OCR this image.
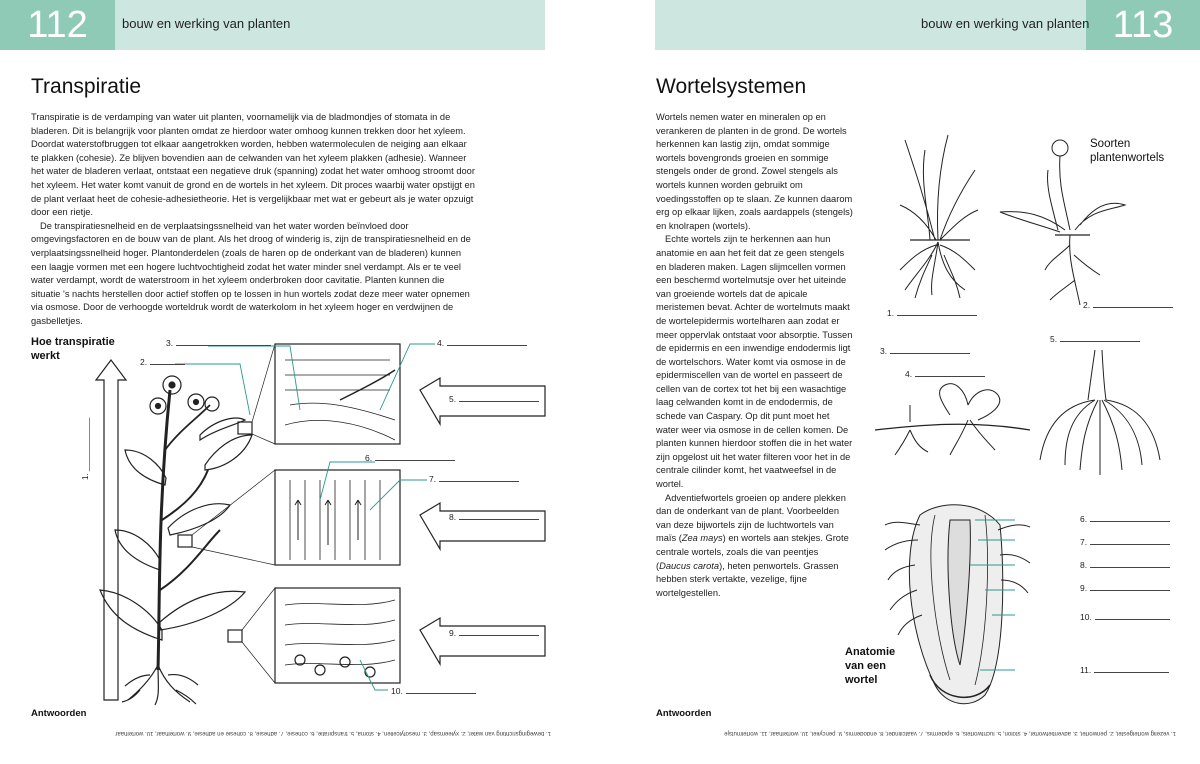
112	bouw en werking van planten	113
bouw en werking van planten
Transpiratie

Transpiratie is de verdamping van water uit planten, voornamelijk via de bladmondjes of stomata in de bladeren. Dit is belangrijk voor planten omdat ze hierdoor water omhoog kunnen trekken door het xyleem. Doordat waterstofbruggen tot elkaar aangetrokken worden, hebben watermoleculen de neiging aan elkaar te plakken (cohesie). Ze blijven bovendien aan de celwanden van het xyleem plakken (adhesie). Wanneer het water de bladeren verlaat, ontstaat een negatieve druk (spanning) zodat het water omhoog stroomt door het xyleem. Het water komt vanuit de grond en de wortels in het xyleem. Dit proces waarbij water opstijgt en de plant verlaat heet de cohesie-adhesietheorie. Het is vergelijkbaar met wat er gebeurt als je water opzuigt door een rietje.

De transpiratiesnelheid en de verplaatsingssnelheid van het water worden beïnvloed door omgevingsfactoren en de bouw van de plant. Als het droog of winderig is, zijn de transpiratiesnelheid en de verplaatsingssnelheid hoger. Plantonderdelen (zoals de haren op de onderkant van de bladeren) kunnen een laagje vormen met een hogere luchtvochtigheid zodat het water minder snel verdampt. Als er te veel water verdampt, wordt de waterstroom in het xyleem onderbroken door cavitatie. Planten kunnen die situatie 's nachts herstellen door actief stoffen op te lossen in hun wortels zodat deze meer water opnemen via osmose. Door de verhoogde worteldruk wordt de waterkolom in het xyleem hoger en verdwijnen de gasbelletjes.

Hoe transpiratie werkt
1. ____________
2.
3.	4.
5.
6.
7.
8.
9.
10.
Antwoorden
1. bewegingsrichting van water, 2. xyleemsap, 3. mesofylcellen, 4. stoma, 5. transpiratie, 6. cohesie, 7. adhesie, 8. cohesie en adhesie, 9. wortelhaar, 10. wortelhaar
Wortelsystemen

Wortels nemen water en mineralen op en verankeren de planten in de grond. De wortels herkennen kan lastig zijn, omdat sommige wortels bovengronds groeien en sommige stengels onder de grond. Zowel stengels als wortels kunnen worden gebruikt om voedingsstoffen op te slaan. Ze kunnen daarom erg op elkaar lijken, zoals aardappels (stengels) en knolrapen (wortels).

Echte wortels zijn te herkennen aan hun anatomie en aan het feit dat ze geen stengels en bladeren maken. Lagen slijmcellen vormen een beschermd wortelmutsje over het uiteinde van groeiende wortels dat de apicale meristemen bevat. Achter de wortelmuts maakt de wortelepidermis wortelharen aan zodat er meer oppervlak ontstaat voor absorptie. Tussen de epidermis en een inwendige endodermis ligt de wortelschors. Water komt via osmose in de epidermiscellen van de wortel en passeert de cellen van de cortex tot het bij een wasachtige laag celwanden komt in de endodermis, de schede van Caspary. Op dit punt moet het water weer via osmose in de cellen komen. De planten kunnen hierdoor stoffen die in het water zijn opgelost uit het water filteren voor het in de centrale cilinder komt, het vaatweefsel in de wortel.

Adventiefwortels groeien op andere plekken dan de onderkant van de plant. Voorbeelden van deze bijwortels zijn de luchtwortels van maïs (Zea mays) en wortels aan stekjes. Grote centrale wortels, zoals die van peentjes (Daucus carota), heten penwortels. Grassen hebben sterk vertakte, vezelige, fijne wortelgestellen.

Soorten plantenwortels
Anatomie van een wortel
1.
2.
3.
4.
5.
6.
7.
8.
9.
10.
11.
Antwoorden
1. vezelig wortelgestel, 2. penwortel, 3. adventiefwortel, 4. stolon, 5. luchtwortels, 6. epidermis, 7. vaatcilinder, 8. endodermis, 9. pericykel, 10. wortelhaar, 11. wortelmutsje
